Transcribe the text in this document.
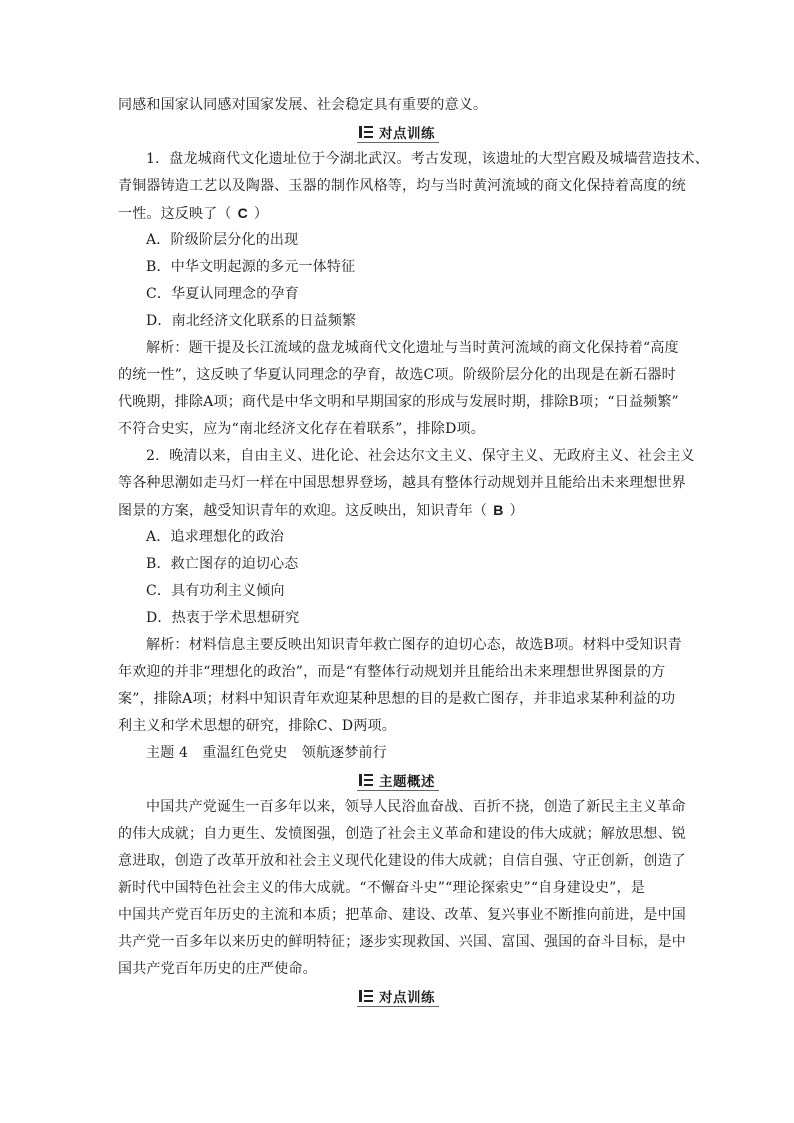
同感和国家认同感对国家发展、社会稳定具有重要的意义。
对点训练
1．盘龙城商代文化遗址位于今湖北武汉。考古发现，该遗址的大型宫殿及城墙营造技术、
青铜器铸造工艺以及陶器、玉器的制作风格等，均与当时黄河流域的商文化保持着高度的统
一性。这反映了（ C ）
A．阶级阶层分化的出现
B．中华文明起源的多元一体特征
C．华夏认同理念的孕育
D．南北经济文化联系的日益频繁
解析：题干提及长江流域的盘龙城商代文化遗址与当时黄河流域的商文化保持着“高度
的统一性”，这反映了华夏认同理念的孕育，故选C项。阶级阶层分化的出现是在新石器时
代晚期，排除A项；商代是中华文明和早期国家的形成与发展时期，排除B项；“日益频繁”
不符合史实，应为“南北经济文化存在着联系”，排除D项。
2．晚清以来，自由主义、进化论、社会达尔文主义、保守主义、无政府主义、社会主义
等各种思潮如走马灯一样在中国思想界登场，越具有整体行动规划并且能给出未来理想世界
图景的方案，越受知识青年的欢迎。这反映出，知识青年（ B ）
A．追求理想化的政治
B．救亡图存的迫切心态
C．具有功利主义倾向
D．热衷于学术思想研究
解析：材料信息主要反映出知识青年救亡图存的迫切心态，故选B项。材料中受知识青
年欢迎的并非“理想化的政治”，而是“有整体行动规划并且能给出未来理想世界图景的方
案”，排除A项；材料中知识青年欢迎某种思想的目的是救亡图存，并非追求某种利益的功
利主义和学术思想的研究，排除C、D两项。
主题 4　重温红色党史　领航逐梦前行
主题概述
中国共产党诞生一百多年以来，领导人民浴血奋战、百折不挠，创造了新民主主义革命
的伟大成就；自力更生、发愤图强，创造了社会主义革命和建设的伟大成就；解放思想、锐
意进取，创造了改革开放和社会主义现代化建设的伟大成就；自信自强、守正创新，创造了
新时代中国特色社会主义的伟大成就。“不懈奋斗史”“理论探索史”“自身建设史”，是
中国共产党百年历史的主流和本质；把革命、建设、改革、复兴事业不断推向前进，是中国
共产党一百多年以来历史的鲜明特征；逐步实现救国、兴国、富国、强国的奋斗目标，是中
国共产党百年历史的庄严使命。
对点训练
